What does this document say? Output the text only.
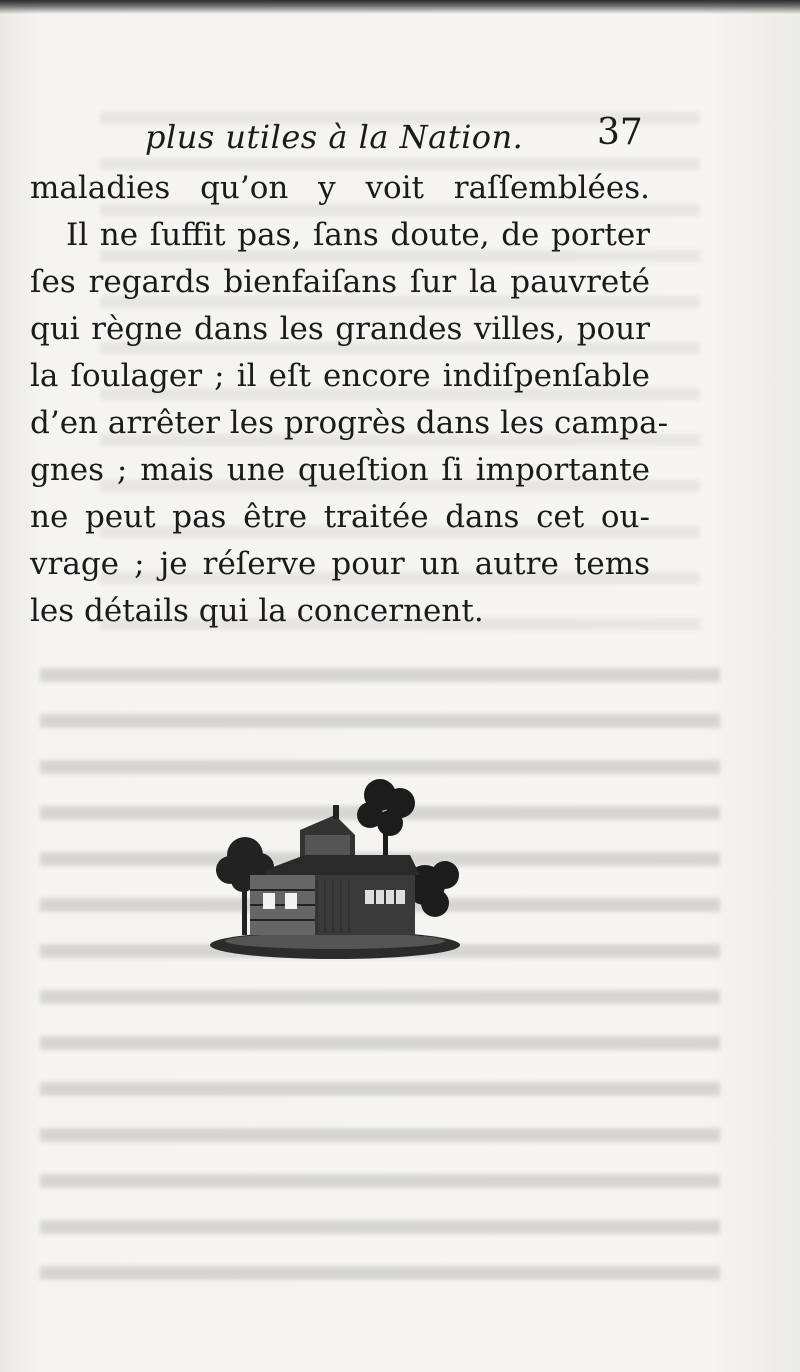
plus utiles à la Nation. 37
maladies qu’on y voit raſſemblées.
Il ne ſuffit pas, ſans doute, de porter
ſes regards bienfaiſans ſur la pauvreté
qui règne dans les grandes villes, pour
la ſoulager ; il eſt encore indiſpenſable
d’en arrêter les progrès dans les campa-
gnes ; mais une queſtion ſi importante
ne peut pas être traitée dans cet ou-
vrage ; je réſerve pour un autre tems
les détails qui la concernent.
